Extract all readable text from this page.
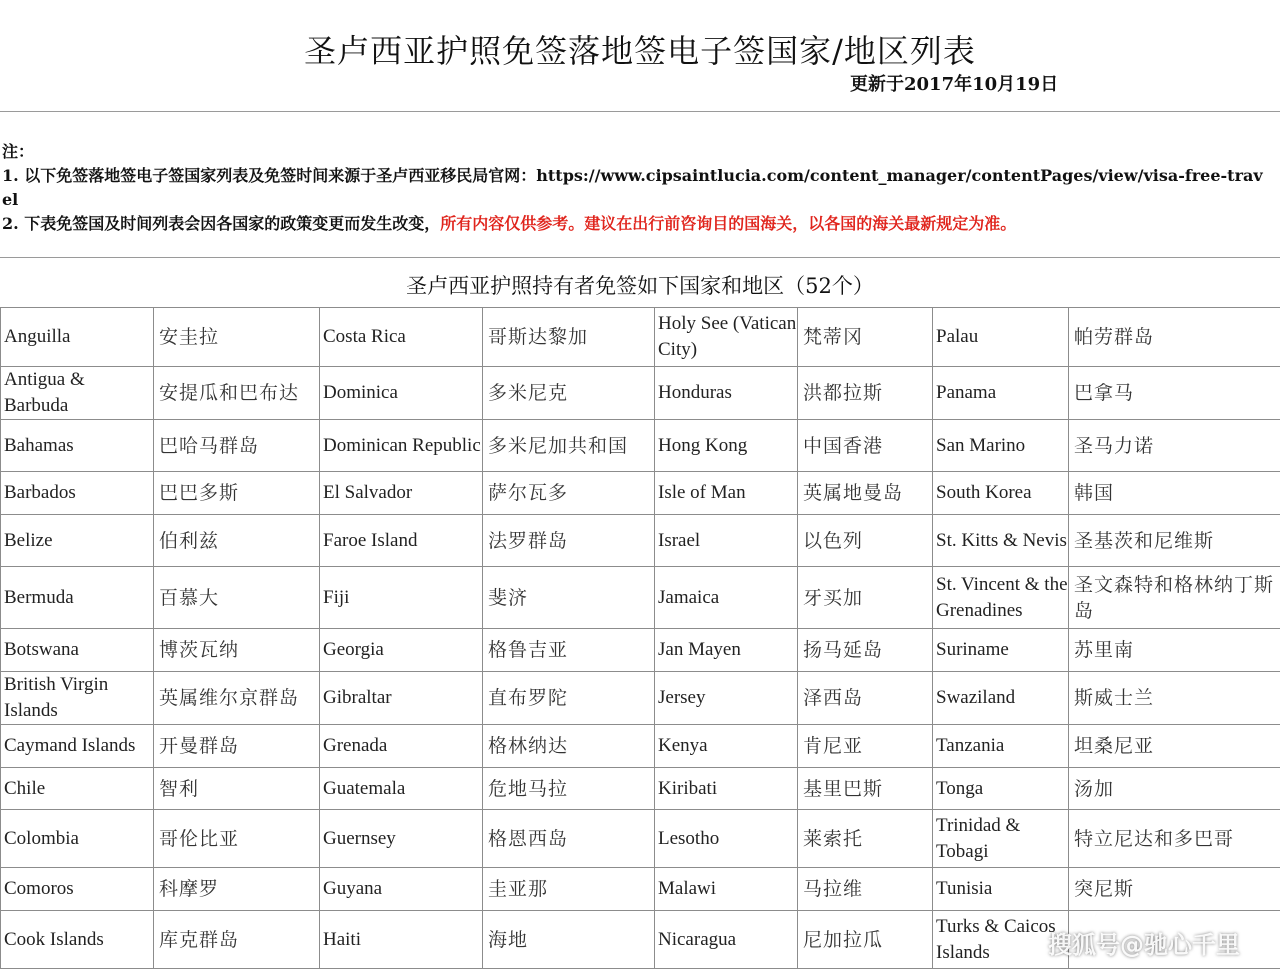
圣卢西亚护照免签落地签电子签国家/地区列表
更新于2017年10月19日
注：
1. 以下免签落地签电子签国家列表及免签时间来源于圣卢西亚移民局官网：https://www.cipsaintlucia.com/content_manager/contentPages/view/visa-free-travel
2. 下表免签国及时间列表会因各国家的政策变更而发生改变，所有内容仅供参考。建议在出行前咨询目的国海关，以各国的海关最新规定为准。
圣卢西亚护照持有者免签如下国家和地区（52个）
Anguilla	安圭拉	Costa Rica	哥斯达黎加	Holy See (Vatican City)	梵蒂冈	Palau	帕劳群岛
Antigua & Barbuda	安提瓜和巴布达	Dominica	多米尼克	Honduras	洪都拉斯	Panama	巴拿马
Bahamas	巴哈马群岛	Dominican Republic	多米尼加共和国	Hong Kong	中国香港	San Marino	圣马力诺
Barbados	巴巴多斯	El Salvador	萨尔瓦多	Isle of Man	英属地曼岛	South Korea	韩国
Belize	伯利兹	Faroe Island	法罗群岛	Israel	以色列	St. Kitts & Nevis	圣基茨和尼维斯
Bermuda	百慕大	Fiji	斐济	Jamaica	牙买加	St. Vincent & the Grenadines	圣文森特和格林纳丁斯岛
Botswana	博茨瓦纳	Georgia	格鲁吉亚	Jan Mayen	扬马延岛	Suriname	苏里南
British Virgin Islands	英属维尔京群岛	Gibraltar	直布罗陀	Jersey	泽西岛	Swaziland	斯威士兰
Caymand Islands	开曼群岛	Grenada	格林纳达	Kenya	肯尼亚	Tanzania	坦桑尼亚
Chile	智利	Guatemala	危地马拉	Kiribati	基里巴斯	Tonga	汤加
Colombia	哥伦比亚	Guernsey	格恩西岛	Lesotho	莱索托	Trinidad & Tobagi	特立尼达和多巴哥
Comoros	科摩罗	Guyana	圭亚那	Malawi	马拉维	Tunisia	突尼斯
Cook Islands	库克群岛	Haiti	海地	Nicaragua	尼加拉瓜	Turks & Caicos Islands	搜狐号@驰心千里
